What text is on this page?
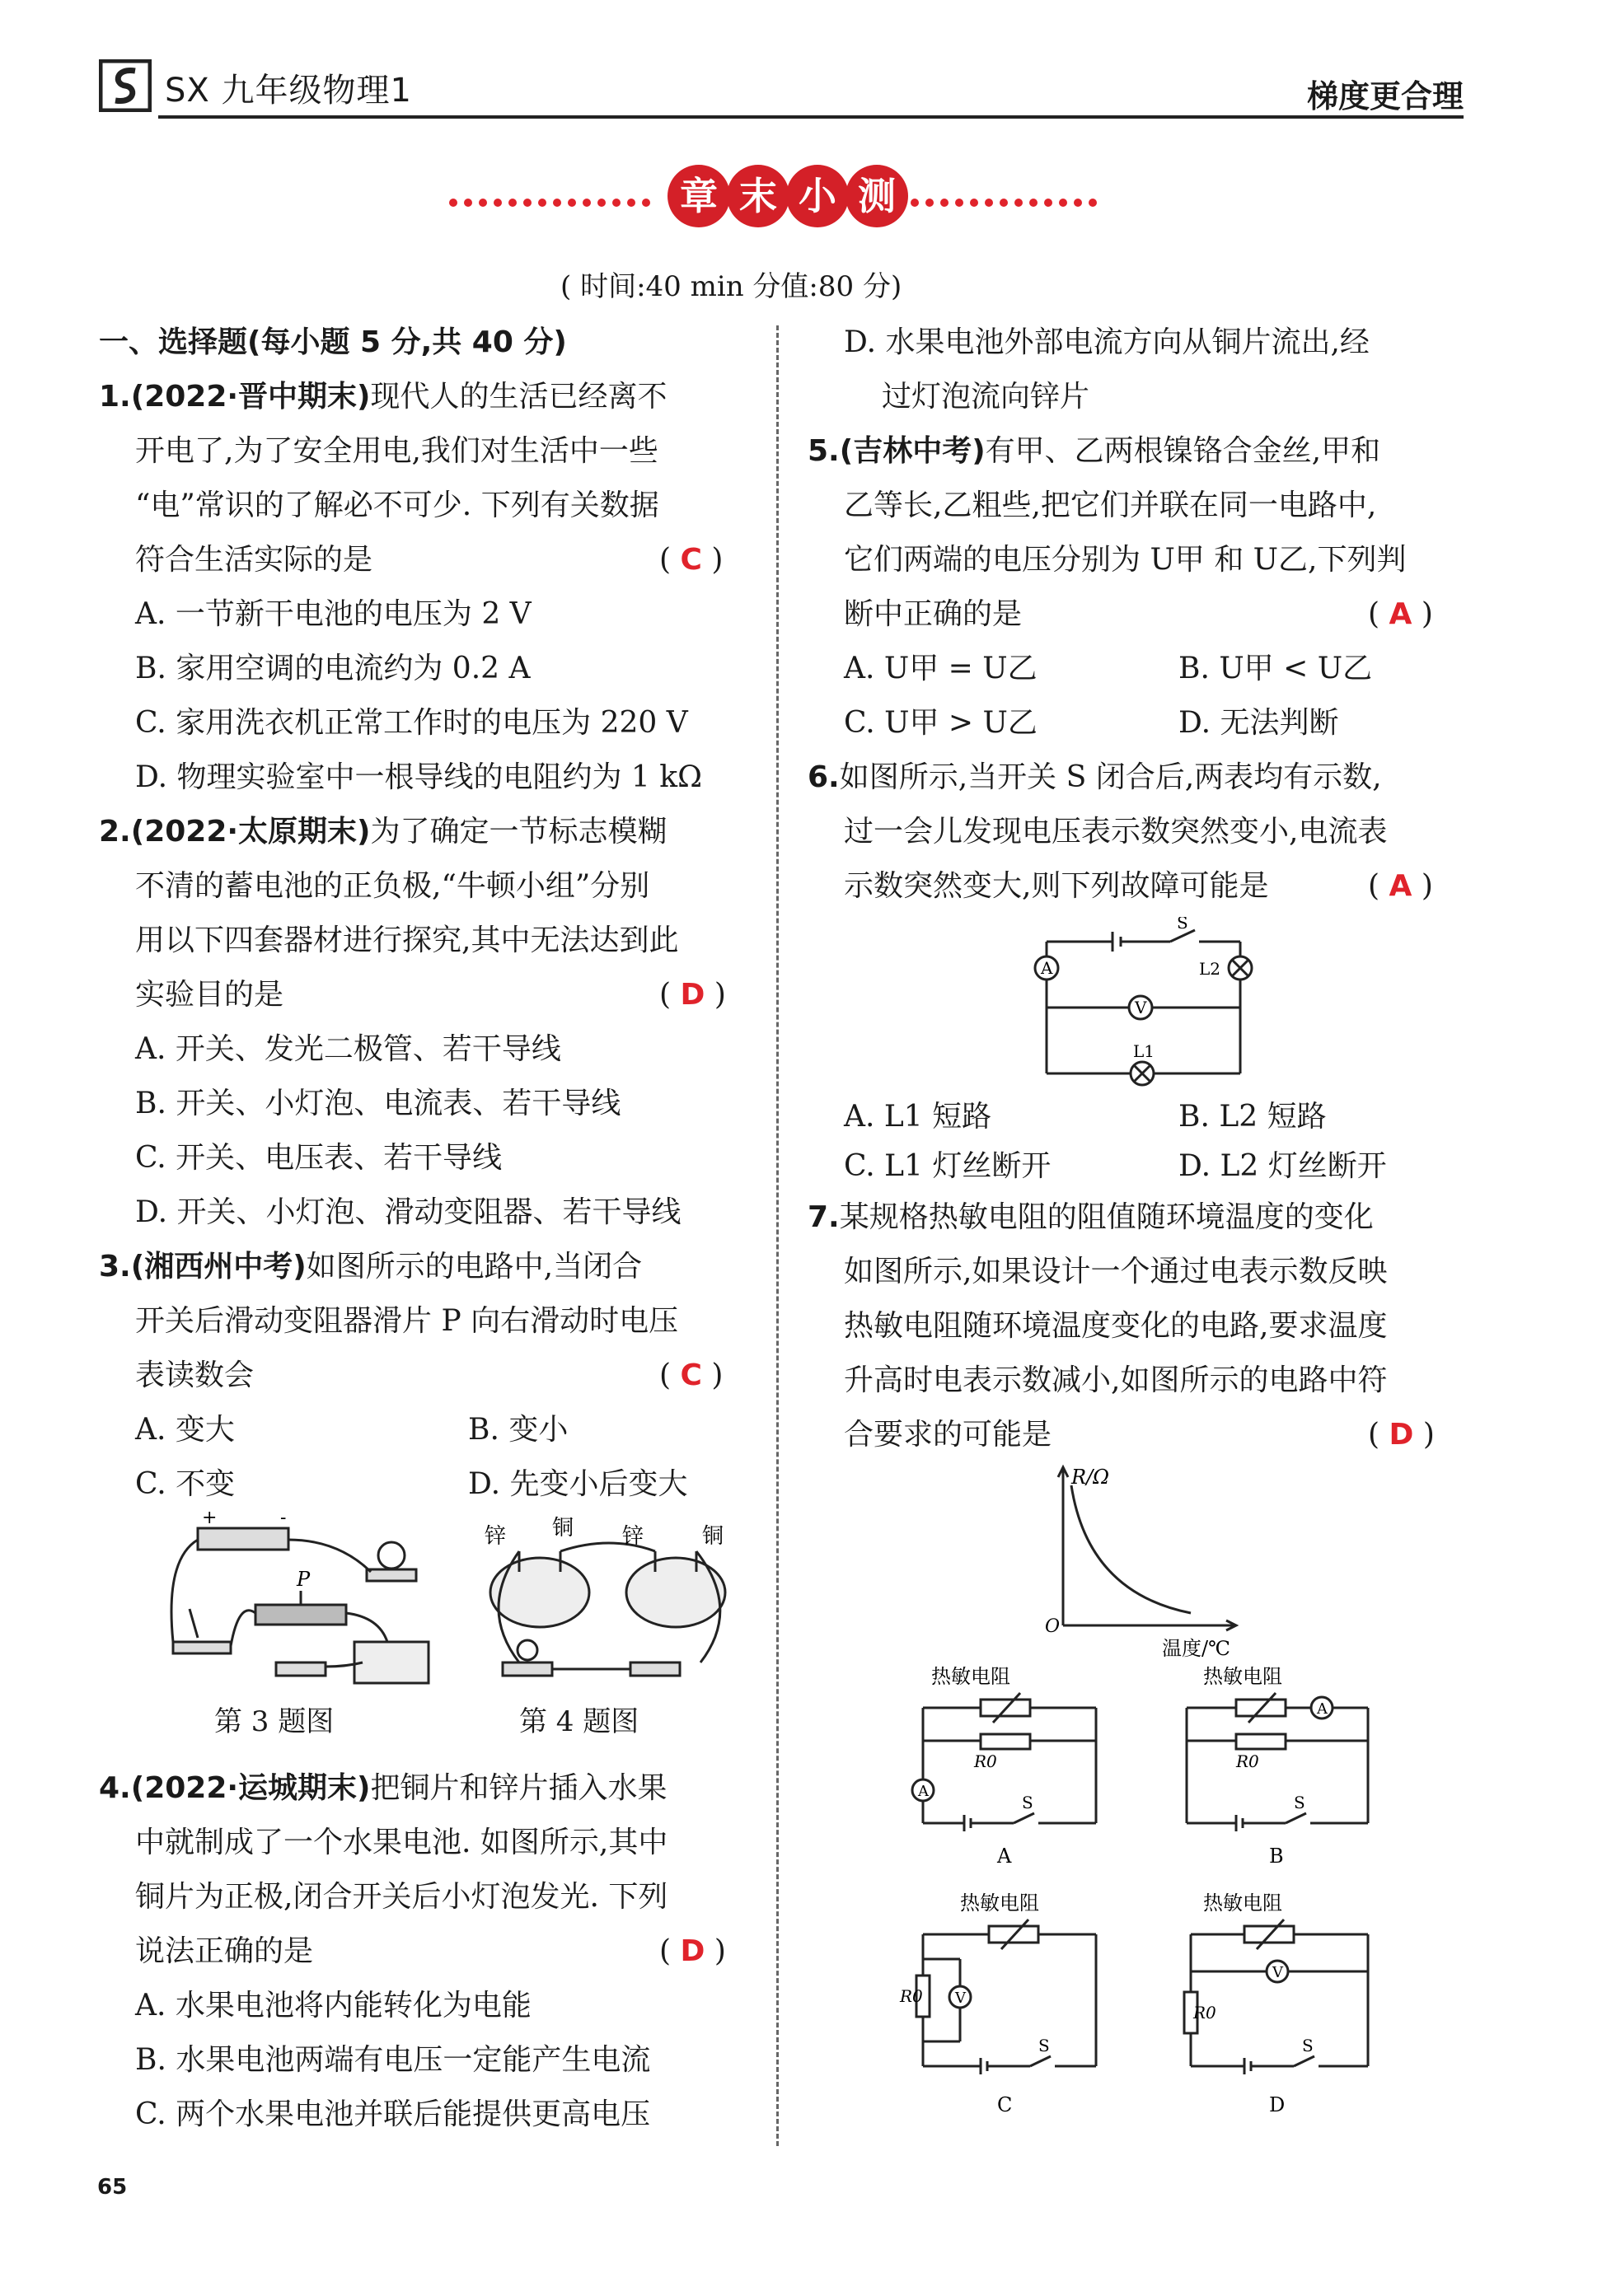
SX 九年级物理1	梯度更合理
章 末 小 测
( 时间:40 min 分值:80 分)
一、选择题(每小题 5 分,共 40 分)
1.(2022·晋中期末)现代人的生活已经离不
开电了,为了安全用电,我们对生活中一些
“电”常识的了解必不可少. 下列有关数据
符合生活实际的是	( C )
A. 一节新干电池的电压为 2 V
B. 家用空调的电流约为 0.2 A
C. 家用洗衣机正常工作时的电压为 220 V
D. 物理实验室中一根导线的电阻约为 1 kΩ
2.(2022·太原期末)为了确定一节标志模糊
不清的蓄电池的正负极,“牛顿小组”分别
用以下四套器材进行探究,其中无法达到此
实验目的是	( D )
A. 开关、发光二极管、若干导线
B. 开关、小灯泡、电流表、若干导线
C. 开关、电压表、若干导线
D. 开关、小灯泡、滑动变阻器、若干导线
3.(湘西州中考)如图所示的电路中,当闭合
开关后滑动变阻器滑片 P 向右滑动时电压
表读数会	( C )
A. 变大	B. 变小
C. 不变	D. 先变小后变大
+	-
P
第 3 题图
锌 铜 锌	铜
第 4 题图
4.(2022·运城期末)把铜片和锌片插入水果
中就制成了一个水果电池. 如图所示,其中
铜片为正极,闭合开关后小灯泡发光. 下列
说法正确的是	( D )
A. 水果电池将内能转化为电能
B. 水果电池两端有电压一定能产生电流
C. 两个水果电池并联后能提供更高电压
D. 水果电池外部电流方向从铜片流出,经
过灯泡流向锌片
5.(吉林中考)有甲、乙两根镍铬合金丝,甲和
乙等长,乙粗些,把它们并联在同一电路中,
它们两端的电压分别为 U甲 和 U乙,下列判
断中正确的是	( A )
A. U甲 = U乙	B. U甲 < U乙
C. U甲 > U乙	D. 无法判断
6.如图所示,当开关 S 闭合后,两表均有示数,
过一会儿发现电压表示数突然变小,电流表
示数突然变大,则下列故障可能是	( A )
S
A
V
L2
L1
A. L1 短路	B. L2 短路
C. L1 灯丝断开	D. L2 灯丝断开
7.某规格热敏电阻的阻值随环境温度的变化
如图所示,如果设计一个通过电表示数反映
热敏电阻随环境温度变化的电路,要求温度
升高时电表示数减小,如图所示的电路中符
合要求的可能是	( D )
R/Ω
O
温度/℃
热敏电阻
R0
A
S
A
热敏电阻
R0
A
S
B
热敏电阻
R0 V
S
C
热敏电阻
R0
V
S
D
65
